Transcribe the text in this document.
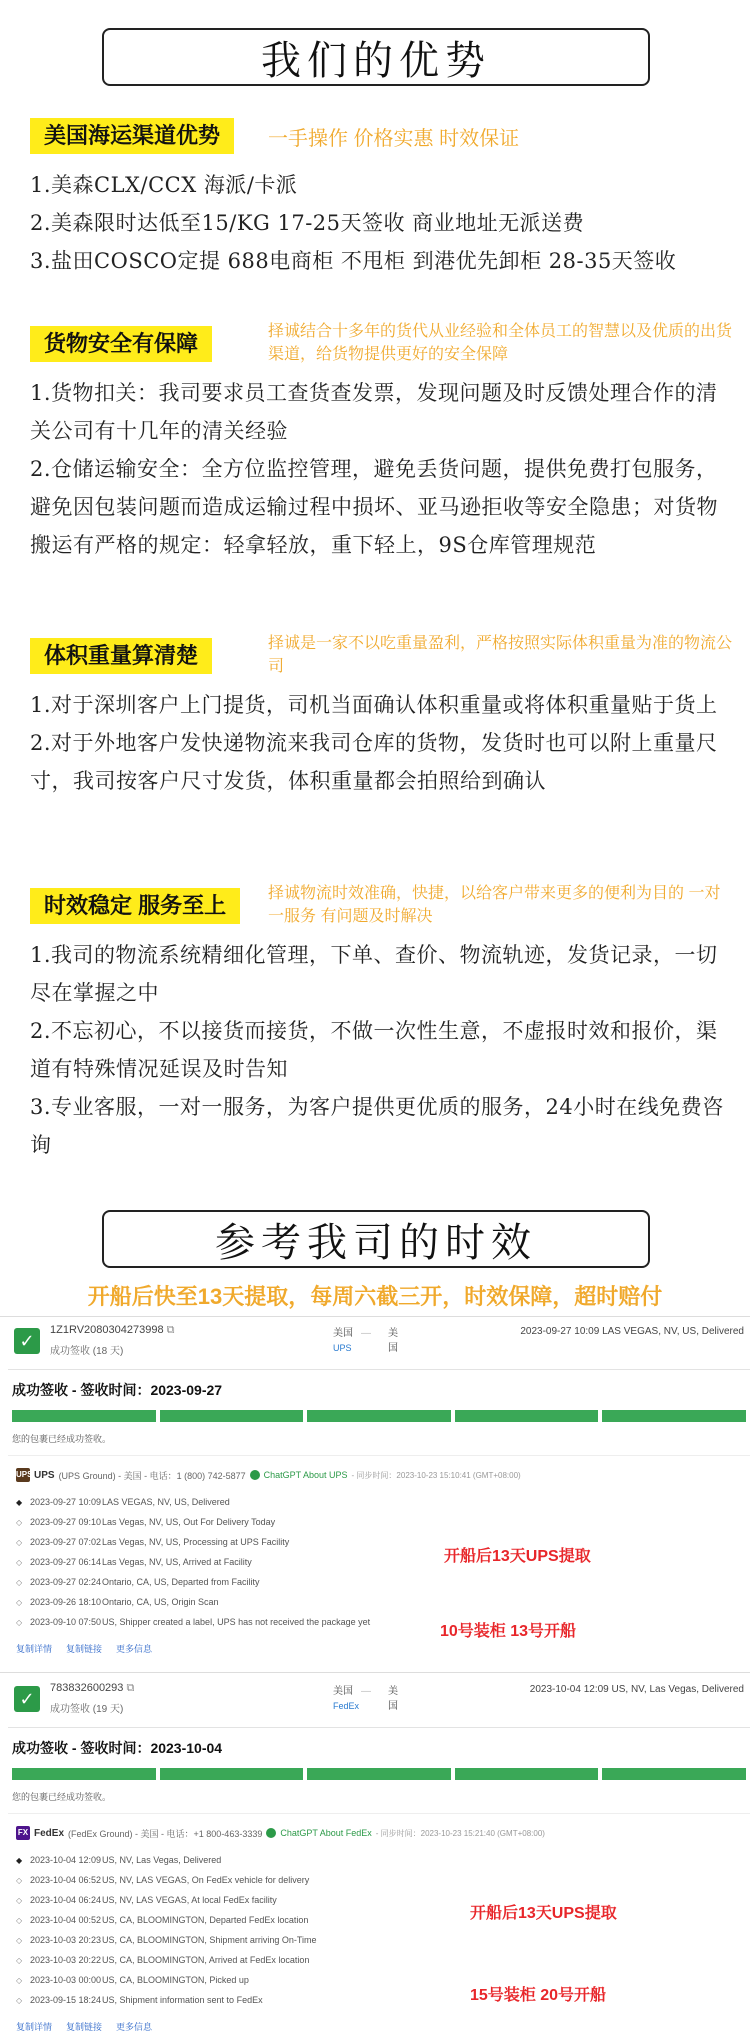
我们的优势
美国海运渠道优势 一手操作 价格实惠 时效保证

1.美森CLX/CCX 海派/卡派

2.美森限时达低至15/KG 17-25天签收 商业地址无派送费

3.盐田COSCO定提 688电商柜 不甩柜 到港优先卸柜 28-35天签收

货物安全有保障	择诚结合十多年的货代从业经验和全体员工的智慧以及优质的出货渠道，给货物提供更好的安全保障

1.货物扣关：我司要求员工查货查发票，发现问题及时反馈处理合作的清关公司有十几年的清关经验

2.仓储运输安全：全方位监控管理，避免丢货问题，提供免费打包服务，避免因包装问题而造成运输过程中损坏、亚马逊拒收等安全隐患；对货物搬运有严格的规定：轻拿轻放，重下轻上，9S仓库管理规范

体积重量算清楚	择诚是一家不以吃重量盈利，严格按照实际体积重量为准的物流公司

1.对于深圳客户上门提货，司机当面确认体积重量或将体积重量贴于货上

2.对于外地客户发快递物流来我司仓库的货物，发货时也可以附上重量尺寸，我司按客户尺寸发货，体积重量都会拍照给到确认

时效稳定 服务至上	择诚物流时效准确，快捷，以给客户带来更多的便利为目的 一对一服务 有问题及时解决

1.我司的物流系统精细化管理，下单、查价、物流轨迹，发货记录，一切尽在掌握之中

2.不忘初心，不以接货而接货，不做一次性生意，不虚报时效和报价，渠道有特殊情况延误及时告知

3.专业客服，一对一服务，为客户提供更优质的服务，24小时在线免费咨询

参考我司的时效
开船后快至13天提取，每周六截三开，时效保障，超时赔付
✓
1Z1RV2080304273998 ⧉
成功签收 (18 天)
美国 — 美国
UPS
2023-09-27 10:09 LAS VEGAS, NV, US, Delivered
成功签收 - 签收时间：2023-09-27
您的包裹已经成功签收。
UPS UPS (UPS Ground) - 美国 - 电话：1 (800) 742-5877 ChatGPT About UPS - 同步时间：2023-10-23 15:10:41 (GMT+08:00)
◆ 2023-09-27 10:09 LAS VEGAS, NV, US, Delivered
◇ 2023-09-27 09:10 Las Vegas, NV, US, Out For Delivery Today
◇ 2023-09-27 07:02 Las Vegas, NV, US, Processing at UPS Facility
◇ 2023-09-27 06:14 Las Vegas, NV, US, Arrived at Facility
◇ 2023-09-27 02:24 Ontario, CA, US, Departed from Facility
◇ 2023-09-26 18:10 Ontario, CA, US, Origin Scan
◇ 2023-09-10 07:50 US, Shipper created a label, UPS has not received the package yet
复制详情 复制链接 更多信息
开船后13天UPS提取
10号装柜 13号开船
✓
783832600293 ⧉
成功签收 (19 天)
美国 — 美国
FedEx
2023-10-04 12:09 US, NV, Las Vegas, Delivered
成功签收 - 签收时间：2023-10-04
您的包裹已经成功签收。
FX FedEx (FedEx Ground) - 美国 - 电话：+1 800-463-3339 ChatGPT About FedEx - 同步时间：2023-10-23 15:21:40 (GMT+08:00)
◆ 2023-10-04 12:09 US, NV, Las Vegas, Delivered
◇ 2023-10-04 06:52 US, NV, LAS VEGAS, On FedEx vehicle for delivery
◇ 2023-10-04 06:24 US, NV, LAS VEGAS, At local FedEx facility
◇ 2023-10-04 00:52 US, CA, BLOOMINGTON, Departed FedEx location
◇ 2023-10-03 20:23 US, CA, BLOOMINGTON, Shipment arriving On-Time
◇ 2023-10-03 20:22 US, CA, BLOOMINGTON, Arrived at FedEx location
◇ 2023-10-03 00:00 US, CA, BLOOMINGTON, Picked up
◇ 2023-09-15 18:24 US, Shipment information sent to FedEx
复制详情 复制链接 更多信息
开船后13天UPS提取
15号装柜 20号开船
